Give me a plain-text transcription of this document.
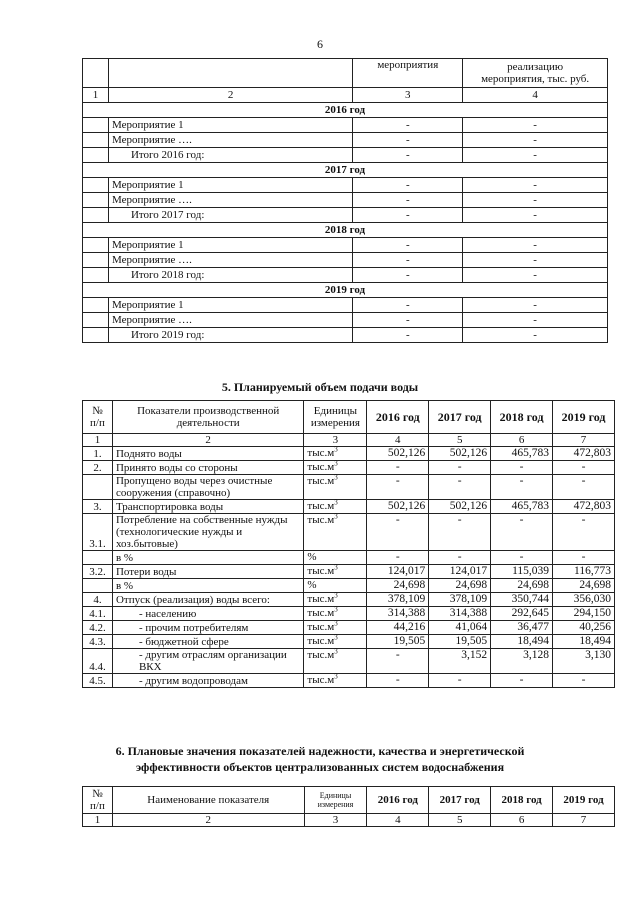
6
		мероприятия	реализацию
мероприятия, тыс. руб.
1	2	3	4
2016 год			
	Мероприятие 1	-	-
	Мероприятие ….	-	-
	Итого 2016 год:	-	-
2017 год			
	Мероприятие 1	-	-
	Мероприятие ….	-	-
	Итого 2017 год:	-	-
2018 год			
	Мероприятие 1	-	-
	Мероприятие ….	-	-
	Итого 2018 год:	-	-
2019 год			
	Мероприятие 1	-	-
	Мероприятие ….	-	-
	Итого 2019 год:	-	-
5. Планируемый объем подачи воды
№
п/п	Показатели производственной деятельности	Единицы измерения	2016 год	2017 год	2018 год	2019 год
1	2	3	4	5	6	7
1.	Поднято воды	$тыс.м^3$	502,126	502,126	465,783	472,803
2.	Принято воды со стороны	$тыс.м^3$	-	-	-	-
	Пропущено воды через очистные сооружения (справочно)	$тыс.м^3$	-	-	-	-
3.	Транспортировка воды	$тыс.м^3$	502,126	502,126	465,783	472,803
3.1.	Потребление на собственные нужды (технологические нужды и хоз.бытовые)	$тыс.м^3$	-	-	-	-
	в %	%	-	-	-	-
3.2.	Потери воды	$тыс.м^3$	124,017	124,017	115,039	116,773
	в %	%	24,698	24,698	24,698	24,698
4.	Отпуск (реализация) воды всего:	$тыс.м^3$	378,109	378,109	350,744	356,030
4.1.	- населению	$тыс.м^3$	314,388	314,388	292,645	294,150
4.2.	- прочим потребителям	$тыс.м^3$	44,216	41,064	36,477	40,256
4.3.	- бюджетной сфере	$тыс.м^3$	19,505	19,505	18,494	18,494
4.4.	- другим отраслям организации ВКХ	$тыс.м^3$	-	3,152	3,128	3,130
4.5.	- другим водопроводам	$тыс.м^3$	-	-	-	-
6. Плановые значения показателей надежности, качества и энергетической
эффективности объектов централизованных систем водоснабжения
№
п/п	Наименование показателя	Единицы измерения	2016 год	2017 год	2018 год	2019 год
1	2	3	4	5	6	7
